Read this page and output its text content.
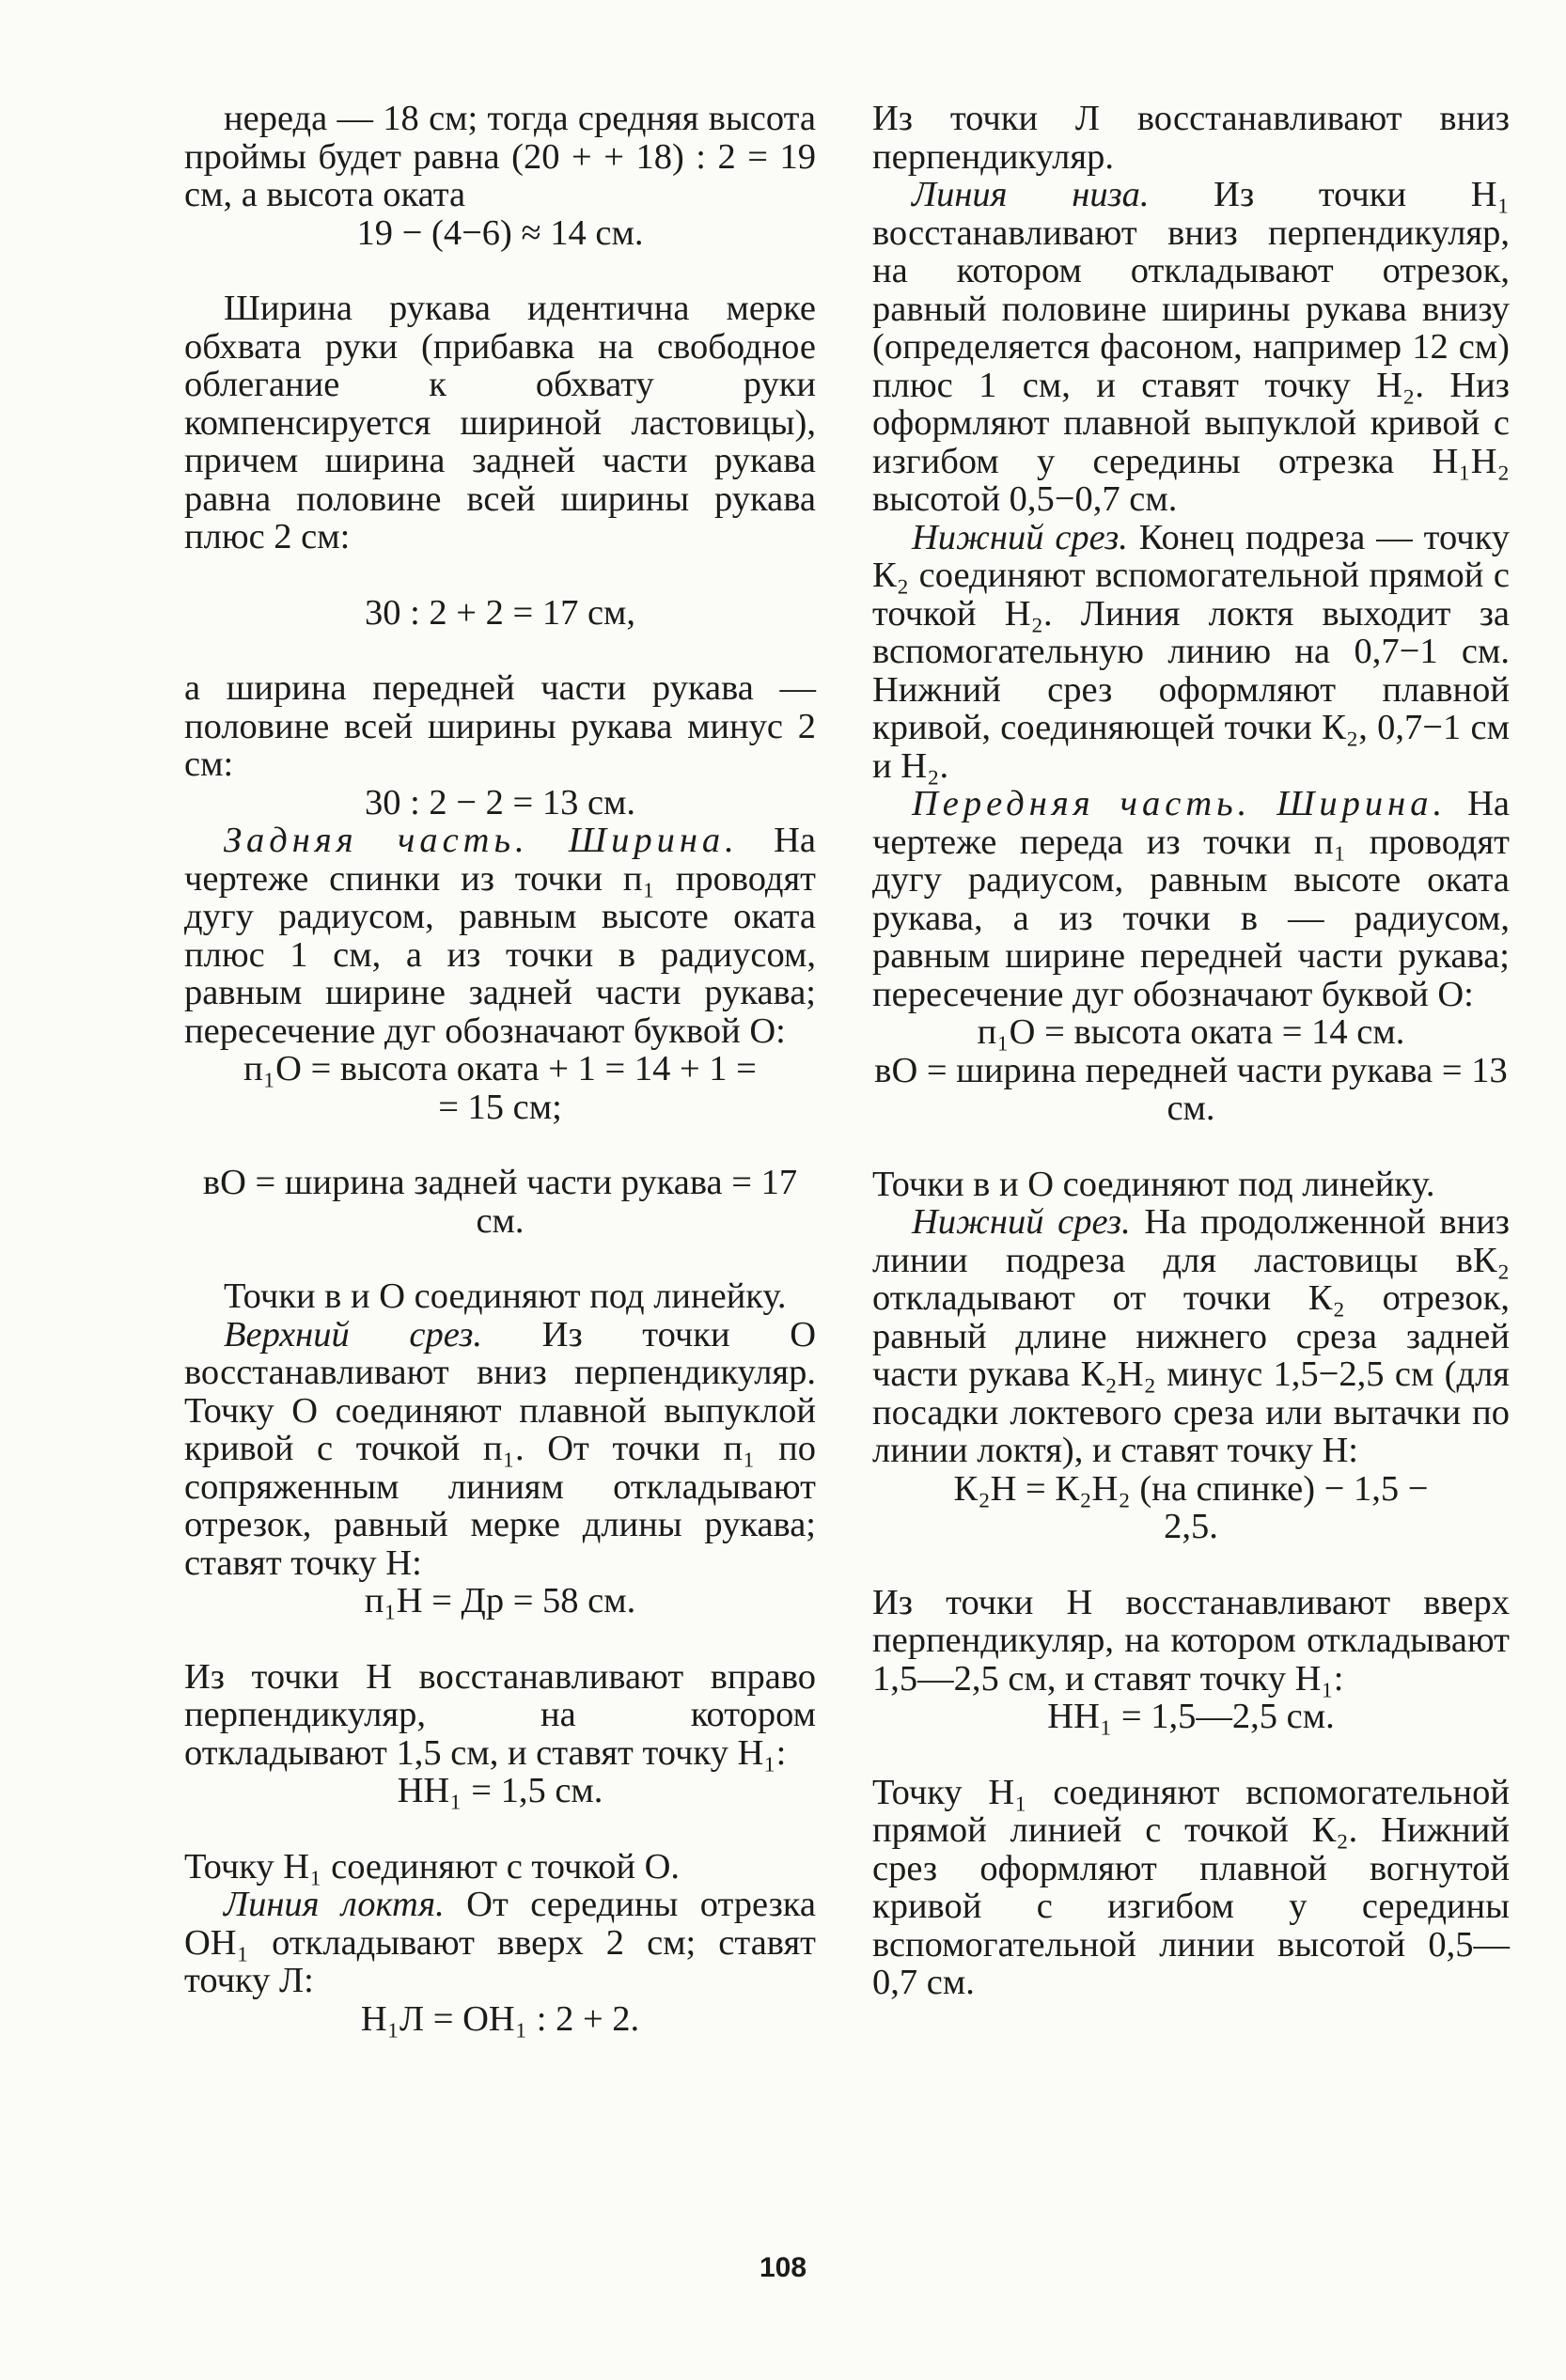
нереда — 18 см; тогда средняя высота проймы будет равна (20 + + 18) : 2 = 19 см, а высота оката

19 − (4−6) ≈ 14 см.

Ширина рукава идентична мерке обхвата руки (прибавка на свободное облегание к обхвату руки компенсируется шириной ластовицы), причем ширина задней части рукава равна половине всей ширины рукава плюс 2 см:

30 : 2 + 2 = 17 см,

а ширина передней части рукава — половине всей ширины рукава минус 2 см:

30 : 2 − 2 = 13 см.

Задняя часть. Ширина. На чертеже спинки из точки п₁ проводят дугу радиусом, равным высоте оката плюс 1 см, а из точки в радиусом, равным ширине задней части рукава; пересечение дуг обозначают буквой О:

п₁О = высота оката + 1 = 14 + 1 =

= 15 см;

вО = ширина задней части рукава = 17 см.

Точки в и О соединяют под линейку.

Верхний срез. Из точки О восстанавливают вниз перпендикуляр. Точку О соединяют плавной выпуклой кривой с точкой п₁. От точки п₁ по сопряженным линиям откладывают отрезок, равный мерке длины рукава; ставят точку Н:

п₁Н = Др = 58 см.

Из точки Н восстанавливают вправо перпендикуляр, на котором откладывают 1,5 см, и ставят точку Н₁:

НН₁ = 1,5 см.

Точку Н₁ соединяют с точкой О.

Линия локтя. От середины отрезка ОН₁ откладывают вверх 2 см; ставят точку Л:

Н₁Л = ОН₁ : 2 + 2.

Из точки Л восстанавливают вниз перпендикуляр.

Линия низа. Из точки Н₁ восстанавливают вниз перпендикуляр, на котором откладывают отрезок, равный половине ширины рукава внизу (определяется фасоном, например 12 см) плюс 1 см, и ставят точку Н₂. Низ оформляют плавной выпуклой кривой с изгибом у середины отрезка Н₁Н₂ высотой 0,5−0,7 см.

Нижний срез. Конец подреза — точку К₂ соединяют вспомогательной прямой с точкой Н₂. Линия локтя выходит за вспомогательную линию на 0,7−1 см. Нижний срез оформляют плавной кривой, соединяющей точки К₂, 0,7−1 см и Н₂.

Передняя часть. Ширина. На чертеже переда из точки п₁ проводят дугу радиусом, равным высоте оката рукава, а из точки в — радиусом, равным ширине передней части рукава; пересечение дуг обозначают буквой О:

п₁О = высота оката = 14 см.

вО = ширина передней части рукава = 13 см.

Точки в и О соединяют под линейку.

Нижний срез. На продолженной вниз линии подреза для ластовицы вК₂ откладывают от точки К₂ отрезок, равный длине нижнего среза задней части рукава К₂Н₂ минус 1,5−2,5 см (для посадки локтевого среза или вытачки по линии локтя), и ставят точку Н:

К₂Н = К₂Н₂ (на спинке) − 1,5 −

2,5.

Из точки Н восстанавливают вверх перпендикуляр, на котором откладывают 1,5—2,5 см, и ставят точку Н₁:

НН₁ = 1,5—2,5 см.

Точку Н₁ соединяют вспомогательной прямой линией с точкой К₂. Нижний срез оформляют плавной вогнутой кривой с изгибом у середины вспомогательной линии высотой 0,5—0,7 см.

108
